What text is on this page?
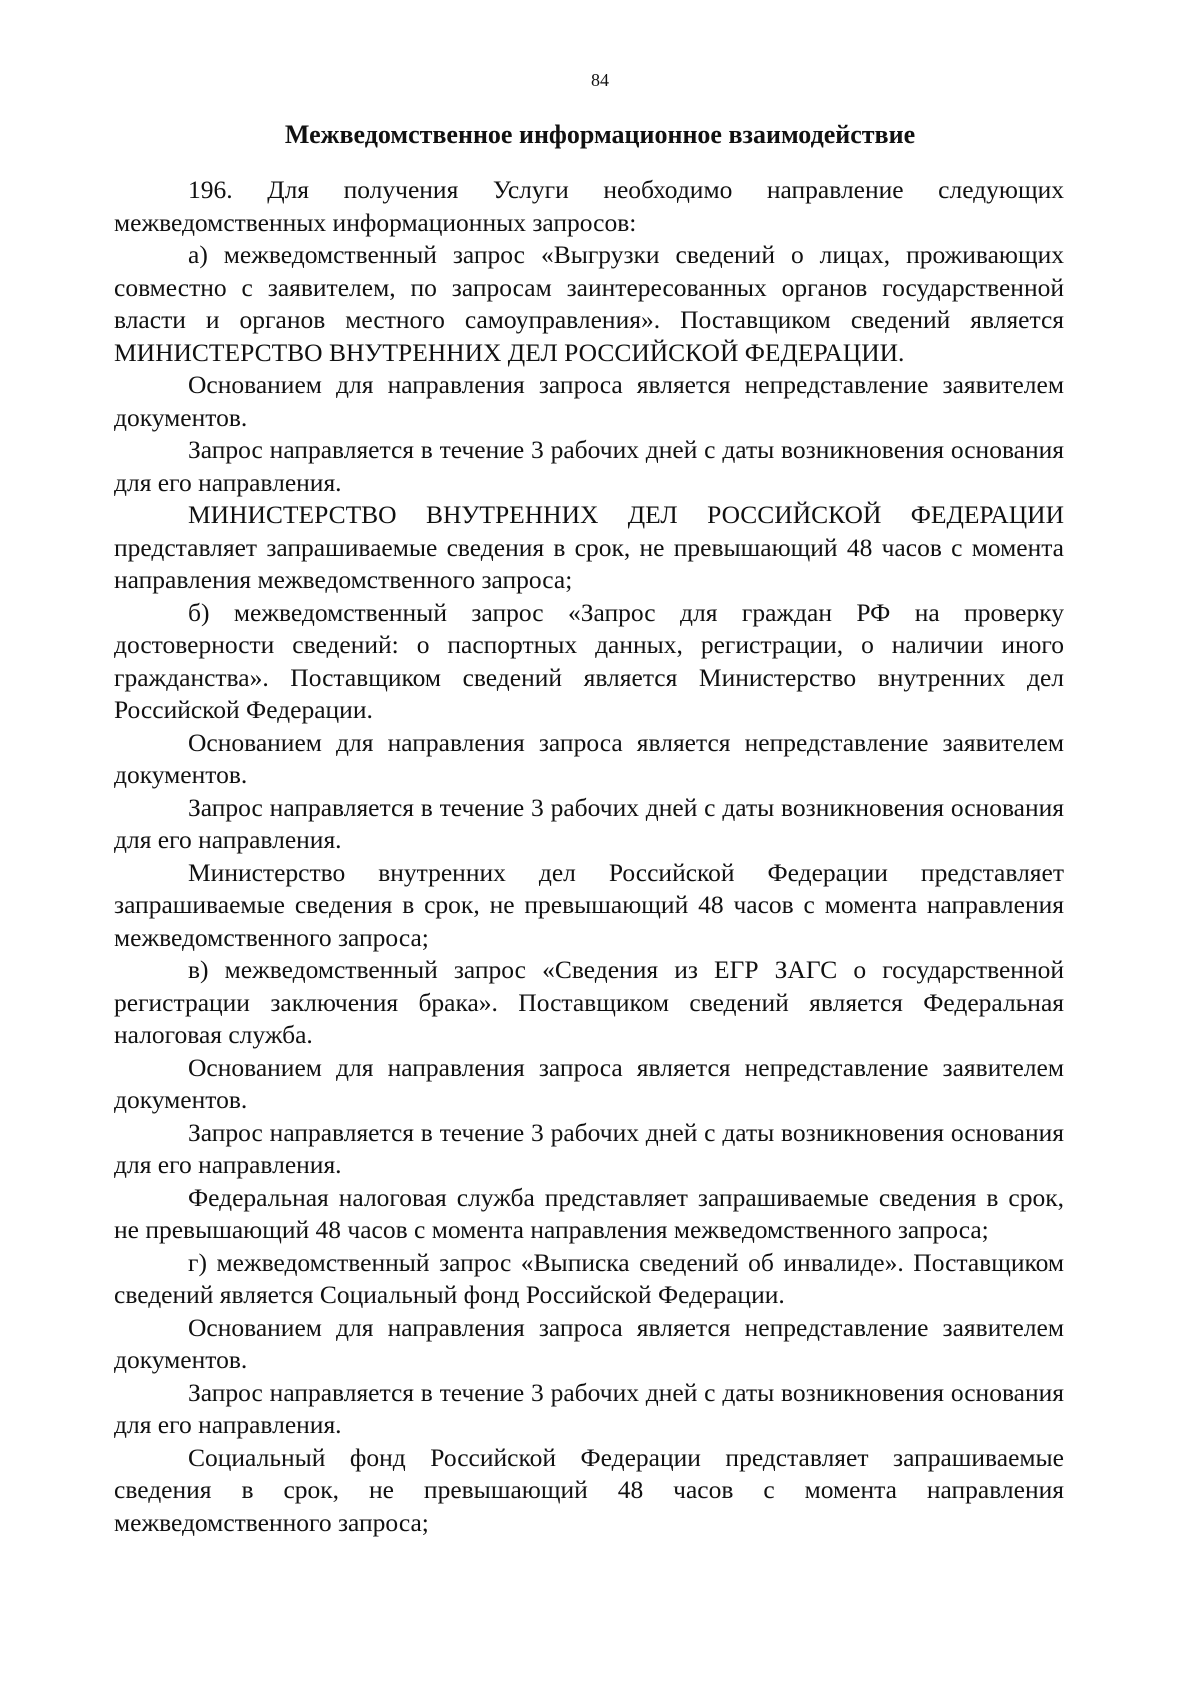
84
Межведомственное информационное взаимодействие

196. Для получения Услуги необходимо направление следующих межведомственных информационных запросов:

а) межведомственный запрос «Выгрузки сведений о лицах, проживающих совместно с заявителем, по запросам заинтересованных органов государственной власти и органов местного самоуправления». Поставщиком сведений является МИНИСТЕРСТВО ВНУТРЕННИХ ДЕЛ РОССИЙСКОЙ ФЕДЕРАЦИИ.

Основанием для направления запроса является непредставление заявителем документов.

Запрос направляется в течение 3 рабочих дней с даты возникновения основания для его направления.

МИНИСТЕРСТВО ВНУТРЕННИХ ДЕЛ РОССИЙСКОЙ ФЕДЕРАЦИИ представляет запрашиваемые сведения в срок, не превышающий 48 часов с момента направления межведомственного запроса;

б) межведомственный запрос «Запрос для граждан РФ на проверку достоверности сведений: о паспортных данных, регистрации, о наличии иного гражданства». Поставщиком сведений является Министерство внутренних дел Российской Федерации.

Основанием для направления запроса является непредставление заявителем документов.

Запрос направляется в течение 3 рабочих дней с даты возникновения основания для его направления.

Министерство внутренних дел Российской Федерации представляет запрашиваемые сведения в срок, не превышающий 48 часов с момента направления межведомственного запроса;

в) межведомственный запрос «Сведения из ЕГР ЗАГС о государственной регистрации заключения брака». Поставщиком сведений является Федеральная налоговая служба.

Основанием для направления запроса является непредставление заявителем документов.

Запрос направляется в течение 3 рабочих дней с даты возникновения основания для его направления.

Федеральная налоговая служба представляет запрашиваемые сведения в срок, не превышающий 48 часов с момента направления межведомственного запроса;

г) межведомственный запрос «Выписка сведений об инвалиде». Поставщиком сведений является Социальный фонд Российской Федерации.

Основанием для направления запроса является непредставление заявителем документов.

Запрос направляется в течение 3 рабочих дней с даты возникновения основания для его направления.

Социальный фонд Российской Федерации представляет запрашиваемые сведения в срок, не превышающий 48 часов с момента направления межведомственного запроса;
